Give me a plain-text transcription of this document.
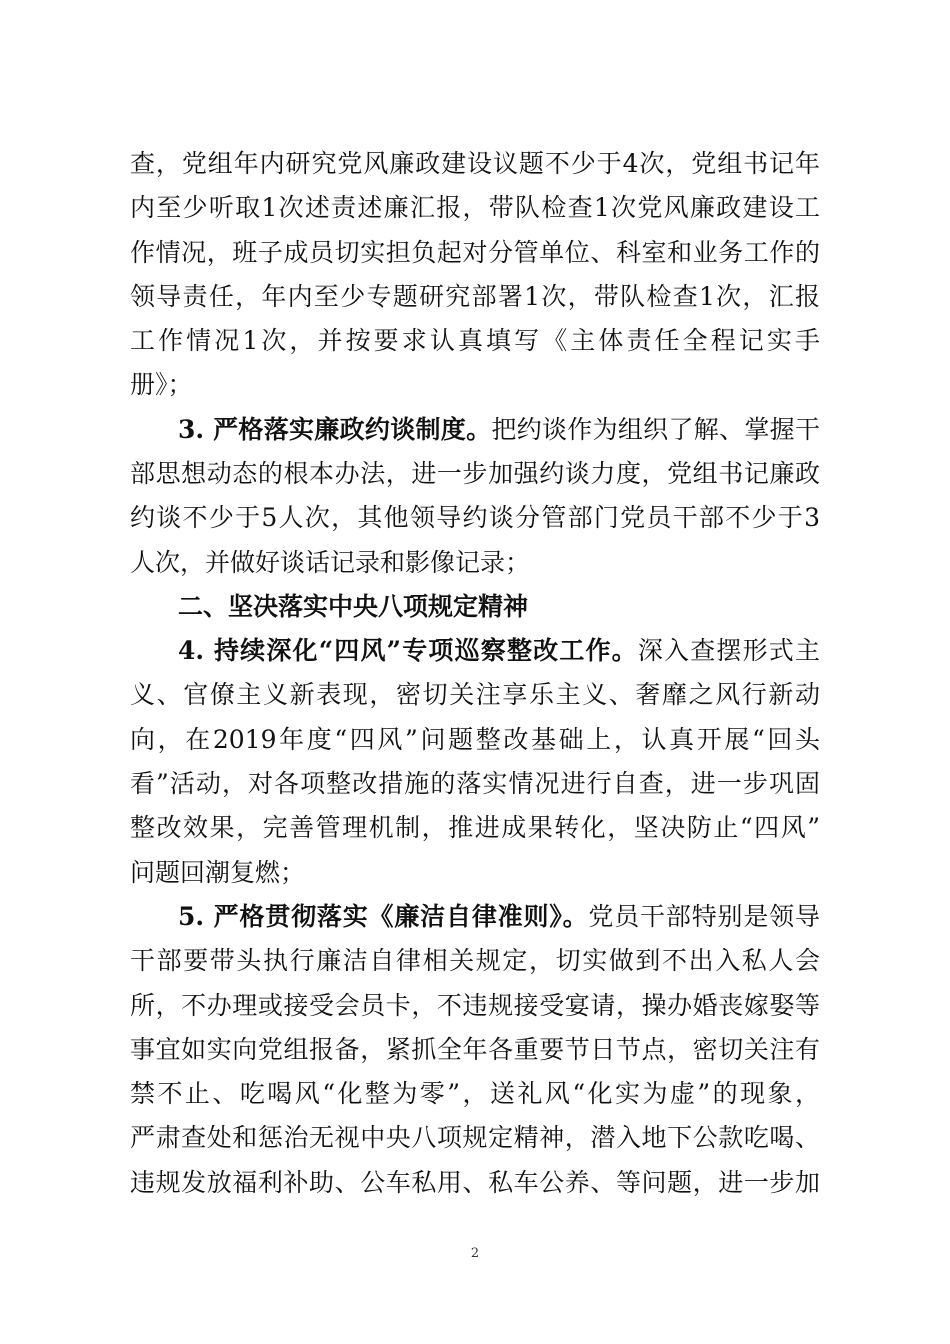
查，党组年内研究党风廉政建设议题不少于4次，党组书记年
内至少听取1次述责述廉汇报，带队检查1次党风廉政建设工
作情况，班子成员切实担负起对分管单位、科室和业务工作的
领导责任，年内至少专题研究部署1次，带队检查1次，汇报
工作情况1次，并按要求认真填写《主体责任全程记实手
册》；
3. 严格落实廉政约谈制度。把约谈作为组织了解、掌握干
部思想动态的根本办法，进一步加强约谈力度，党组书记廉政
约谈不少于5人次，其他领导约谈分管部门党员干部不少于3
人次，并做好谈话记录和影像记录；
二、坚决落实中央八项规定精神
4. 持续深化“四风”专项巡察整改工作。深入查摆形式主
义、官僚主义新表现，密切关注享乐主义、奢靡之风行新动
向，在2019年度“四风”问题整改基础上，认真开展“回头
看”活动，对各项整改措施的落实情况进行自查，进一步巩固
整改效果，完善管理机制，推进成果转化，坚决防止“四风”
问题回潮复燃；
5. 严格贯彻落实《廉洁自律准则》。党员干部特别是领导
干部要带头执行廉洁自律相关规定，切实做到不出入私人会
所，不办理或接受会员卡，不违规接受宴请，操办婚丧嫁娶等
事宜如实向党组报备，紧抓全年各重要节日节点，密切关注有
禁不止、吃喝风“化整为零”，送礼风“化实为虚”的现象，
严肃查处和惩治无视中央八项规定精神，潜入地下公款吃喝、
违规发放福利补助、公车私用、私车公养、等问题，进一步加
2
